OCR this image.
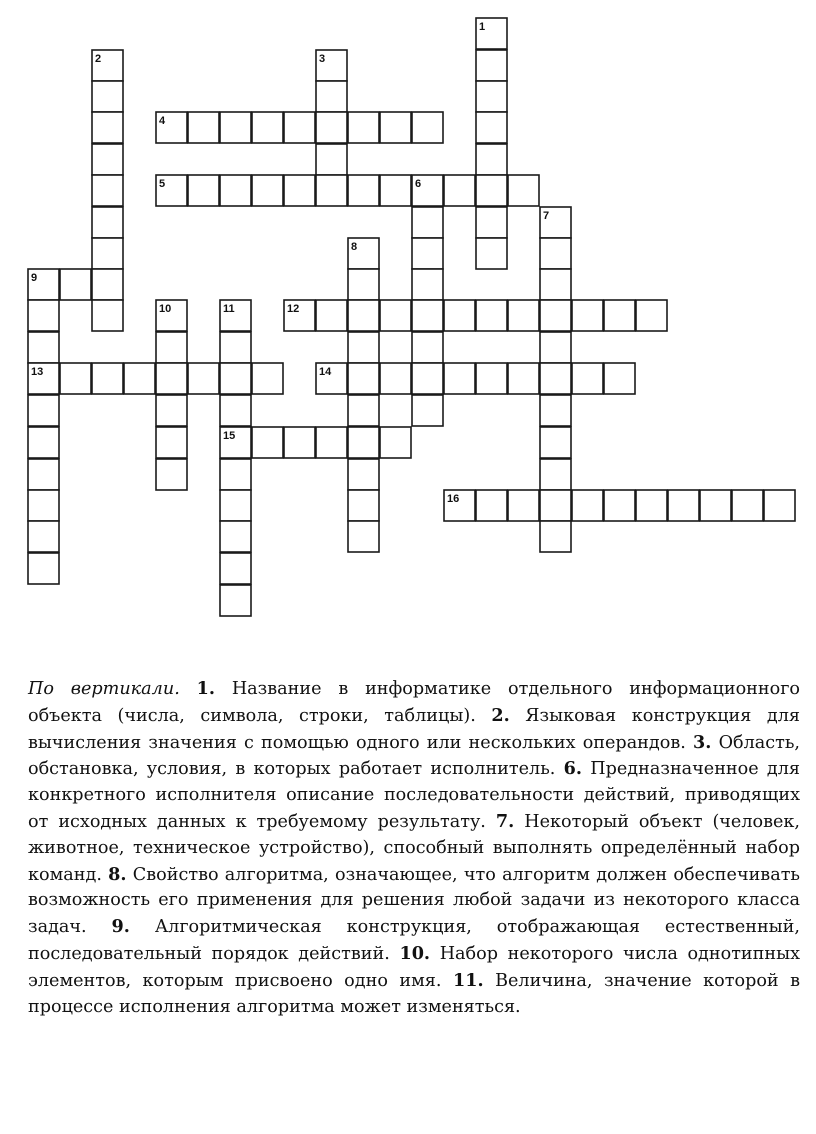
1
2	3
4
5	6
7
8
9
10	11	12
13	14
15
16

По вертикали. 1. Название в информатике отдельного информационного объекта (числа, символа, строки, таблицы). 2. Языковая конструкция для вычисления значения с помощью одного или нескольких операндов. 3. Область, обстановка, условия, в которых работает исполнитель. 6. Предназначенное для конкретного исполнителя описание последовательности действий, приводящих от исходных данных к требуемому результату. 7. Некоторый объект (человек, животное, техническое устройство), способный выполнять определённый набор команд. 8. Свойство алгоритма, означающее, что алгоритм должен обеспечивать возможность его применения для решения любой задачи из некоторого класса задач. 9. Алгоритмическая конструкция, отображающая естественный, последовательный порядок действий. 10. Набор некоторого числа однотипных элементов, которым присвоено одно имя. 11. Величина, значение которой в процессе исполнения алгоритма может изменяться.
